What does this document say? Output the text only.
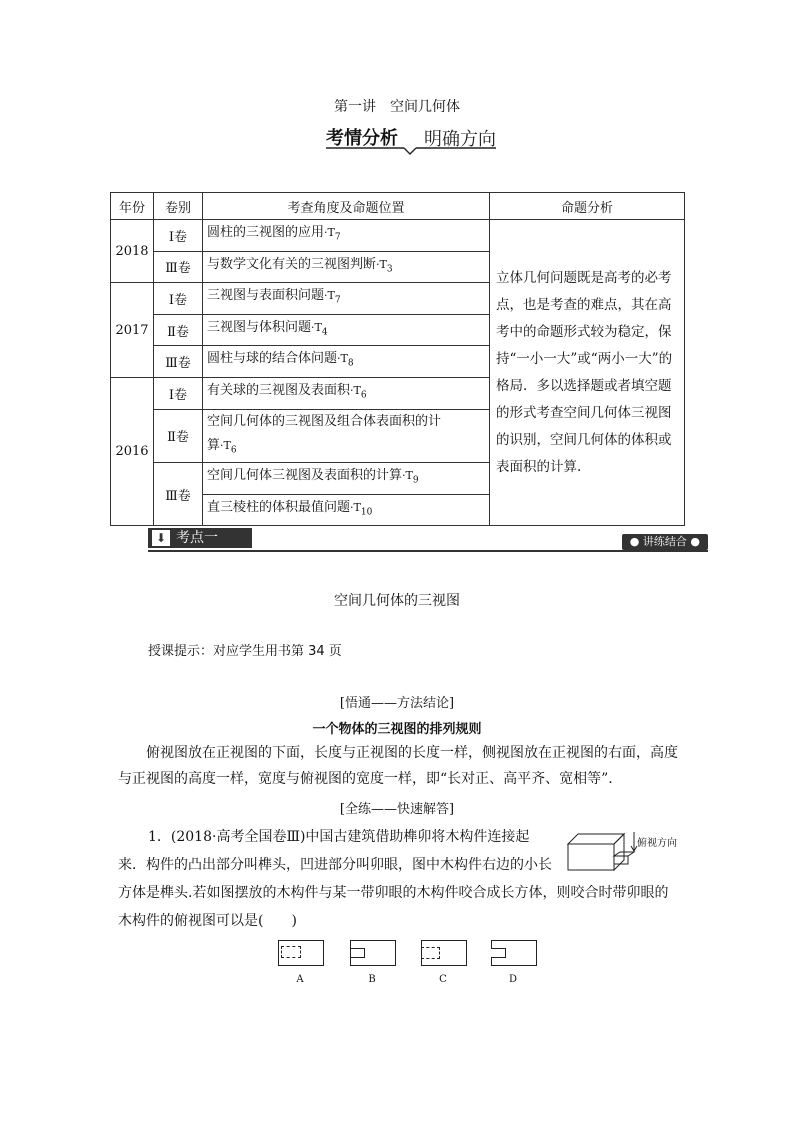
第一讲　空间几何体
考情分析 明确方向
年份	卷别	考查角度及命题位置	命题分析
2018	Ⅰ卷	圆柱的三视图的应用$\cdot T_7$	立体几何问题既是高考的必考点，也是考查的难点，其在高考中的命题形式较为稳定，保持“一小一大”或“两小一大”的格局．多以选择题或者填空题的形式考查空间几何体三视图的识别，空间几何体的体积或表面积的计算.
	Ⅲ卷	与数学文化有关的三视图判断$\cdot T_3$
2017	Ⅰ卷	三视图与表面积问题$\cdot T_7$
	Ⅱ卷	三视图与体积问题$\cdot T_4$
	Ⅲ卷	圆柱与球的结合体问题$\cdot T_8$
2016	Ⅰ卷	有关球的三视图及表面积$\cdot T_6$
	Ⅱ卷	空间几何体的三视图及组合体表面积的计
算$\cdot T_6$
	Ⅲ卷	空间几何体三视图及表面积的计算$\cdot T_9$
		直三棱柱的体积最值问题$\cdot T_{10}$
⬇ 考点一	● 讲练结合 ●
空间几何体的三视图
授课提示：对应学生用书第 34 页
[悟通——方法结论]
一个物体的三视图的排列规则
俯视图放在正视图的下面，长度与正视图的长度一样，侧视图放在正视图的右面，高度与正视图的高度一样，宽度与俯视图的宽度一样，即“长对正、高平齐、宽相等”.
[全练——快速解答]
1．(2018·高考全国卷Ⅲ)中国古建筑借助榫卯将木构件连接起
来．构件的凸出部分叫榫头，凹进部分叫卯眼，图中木构件右边的小长
方体是榫头.若如图摆放的木构件与某一带卯眼的木构件咬合成长方体，则咬合时带卯眼的
木构件的俯视图可以是(　　)
俯视方向
A	B	C	D
